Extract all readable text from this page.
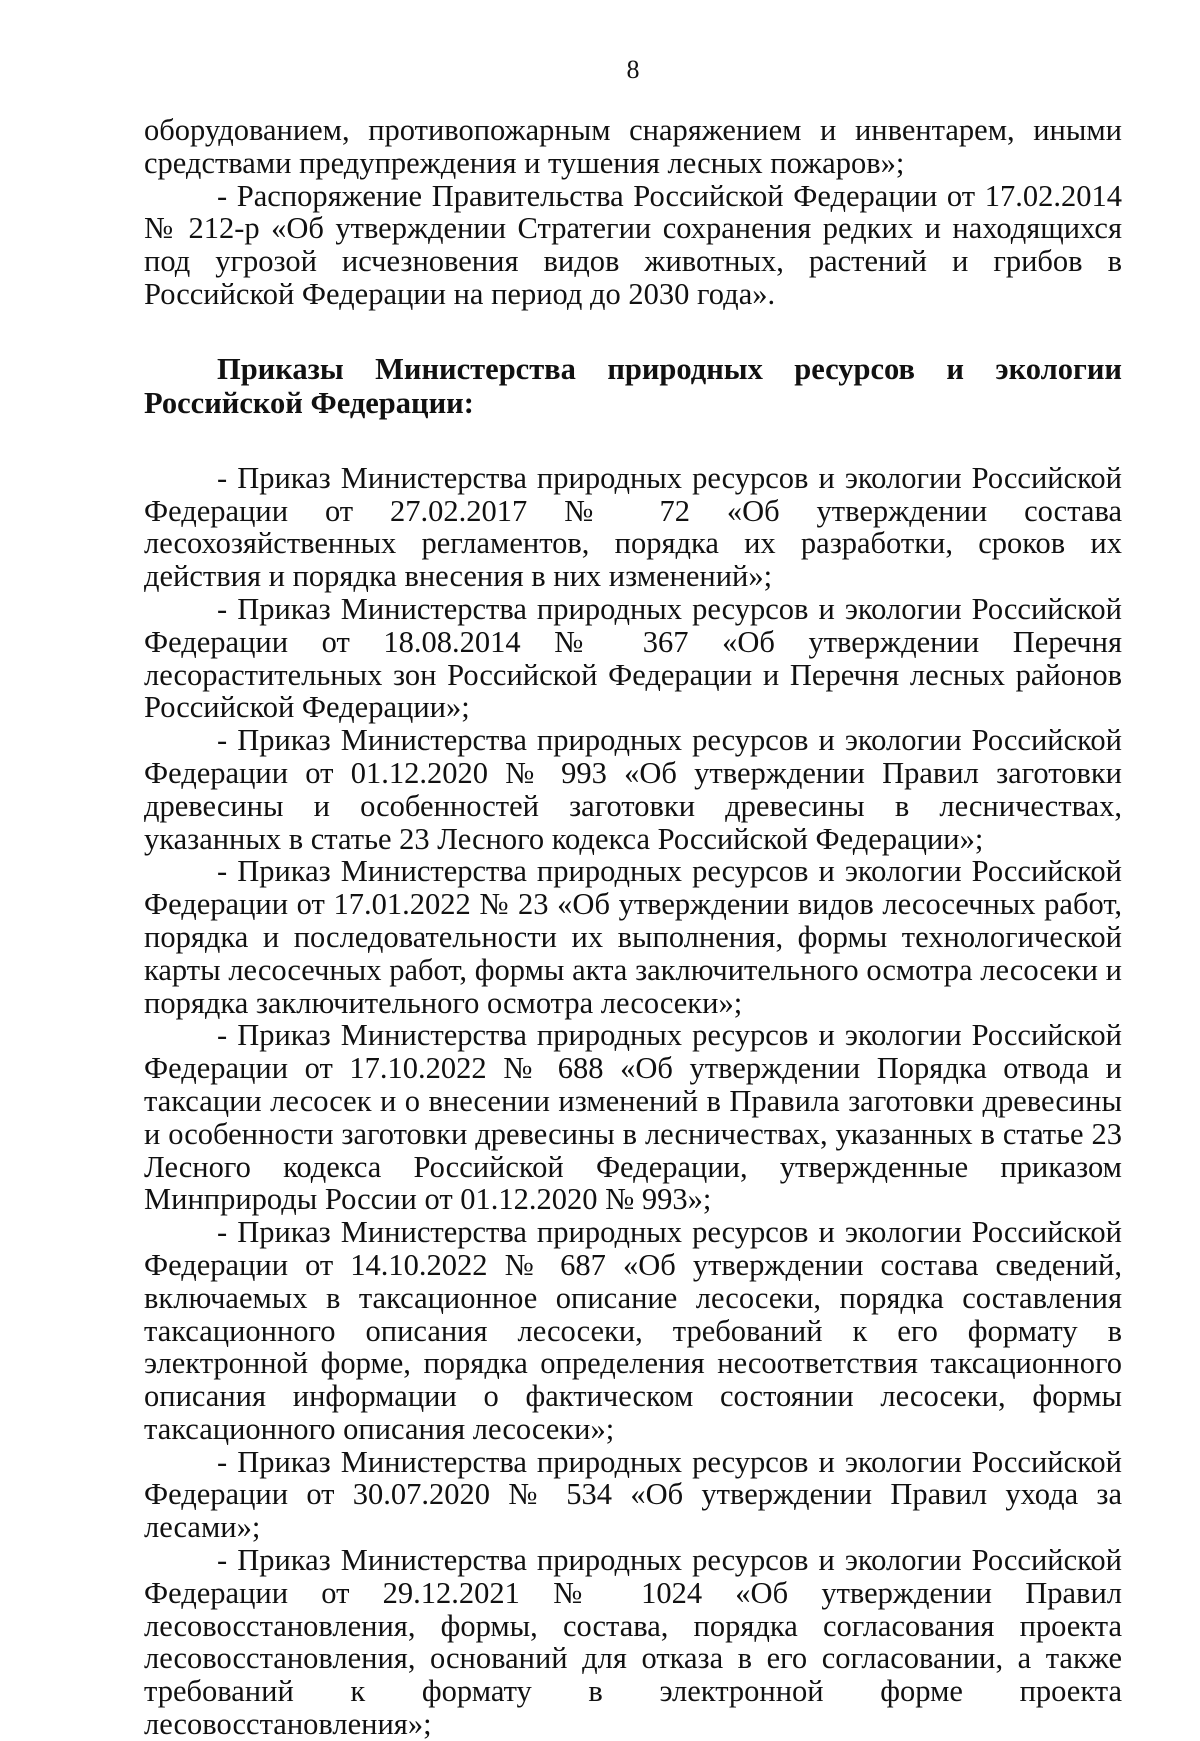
8

оборудованием, противопожарным снаряжением и инвентарем, иными средствами предупреждения и тушения лесных пожаров»;

- Распоряжение Правительства Российской Федерации от 17.02.2014 № 212-р «Об утверждении Стратегии сохранения редких и находящихся под угрозой исчезновения видов животных, растений и грибов в Российской Федерации на период до 2030 года».

Приказы Министерства природных ресурсов и экологии Российской Федерации:

- Приказ Министерства природных ресурсов и экологии Российской Федерации от 27.02.2017 № 72 «Об утверждении состава лесохозяйственных регламентов, порядка их разработки, сроков их действия и порядка внесения в них изменений»;

- Приказ Министерства природных ресурсов и экологии Российской Федерации от 18.08.2014 № 367 «Об утверждении Перечня лесорастительных зон Российской Федерации и Перечня лесных районов Российской Федерации»;

- Приказ Министерства природных ресурсов и экологии Российской Федерации от 01.12.2020 № 993 «Об утверждении Правил заготовки древесины и особенностей заготовки древесины в лесничествах, указанных в статье 23 Лесного кодекса Российской Федерации»;

- Приказ Министерства природных ресурсов и экологии Российской Федерации от 17.01.2022 № 23 «Об утверждении видов лесосечных работ, порядка и последовательности их выполнения, формы технологической карты лесосечных работ, формы акта заключительного осмотра лесосеки и порядка заключительного осмотра лесосеки»;

- Приказ Министерства природных ресурсов и экологии Российской Федерации от 17.10.2022 № 688 «Об утверждении Порядка отвода и таксации лесосек и о внесении изменений в Правила заготовки древесины и особенности заготовки древесины в лесничествах, указанных в статье 23 Лесного кодекса Российской Федерации, утвержденные приказом Минприроды России от 01.12.2020 № 993»;

- Приказ Министерства природных ресурсов и экологии Российской Федерации от 14.10.2022 № 687 «Об утверждении состава сведений, включаемых в таксационное описание лесосеки, порядка составления таксационного описания лесосеки, требований к его формату в электронной форме, порядка определения несоответствия таксационного описания информации о фактическом состоянии лесосеки, формы таксационного описания лесосеки»;

- Приказ Министерства природных ресурсов и экологии Российской Федерации от 30.07.2020 № 534 «Об утверждении Правил ухода за лесами»;

- Приказ Министерства природных ресурсов и экологии Российской Федерации от 29.12.2021 № 1024 «Об утверждении Правил лесовосстановления, формы, состава, порядка согласования проекта лесовосстановления, оснований для отказа в его согласовании, а также требований к формату в электронной форме проекта лесовосстановления»;
